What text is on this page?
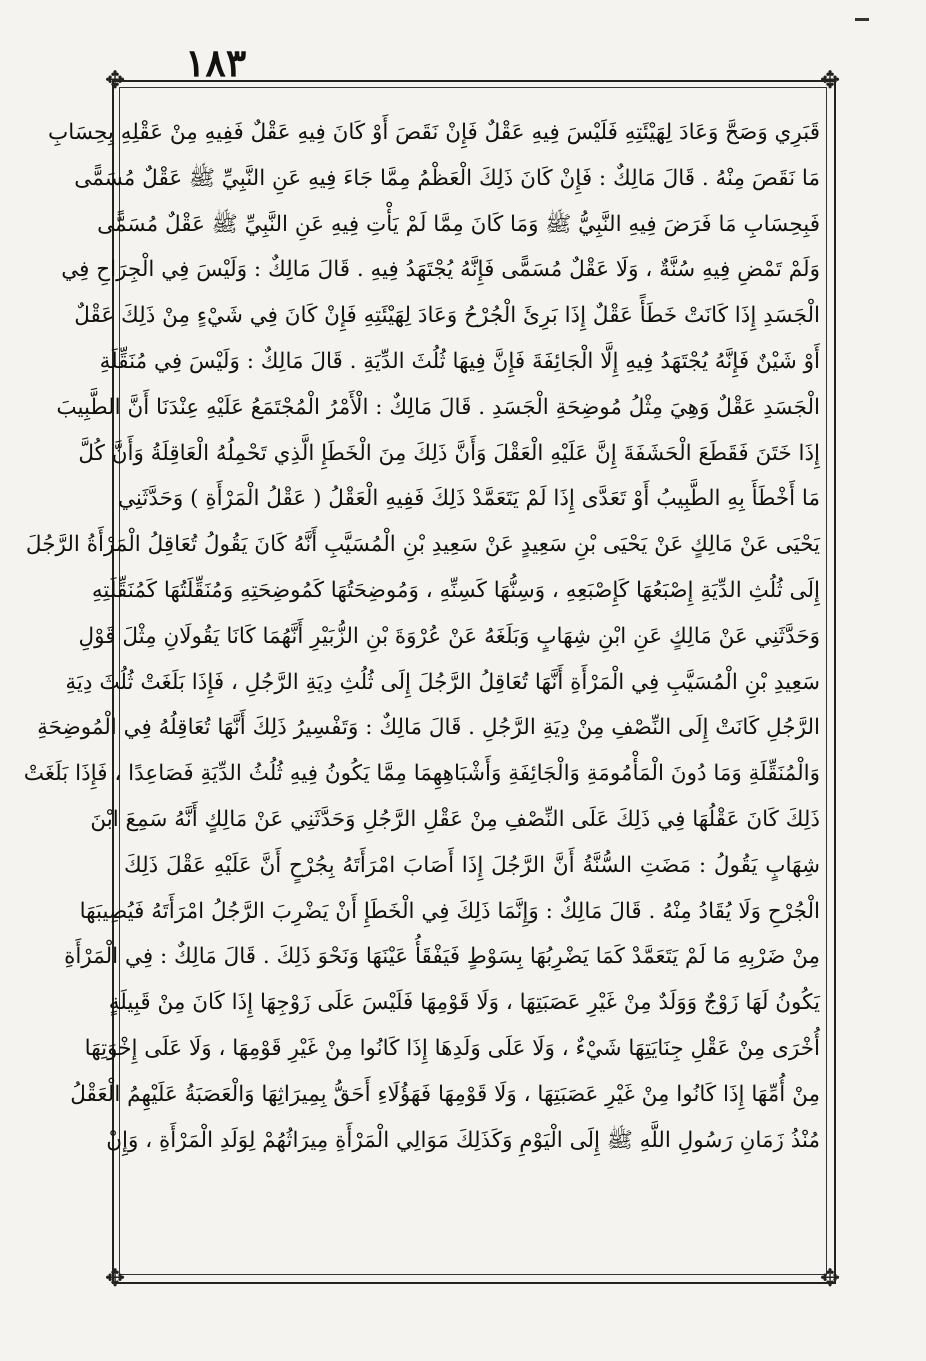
١٨٣
✥	✥
✥	✥
قَبَرِي وَصَحَّ وَعَادَ لِهَيْئَتِهِ فَلَيْسَ فِيهِ عَقْلٌ فَإِنْ نَقَصَ أَوْ كَانَ فِيهِ عَقْلٌ فَفِيهِ مِنْ عَقْلِهِ بِحِسَابِ
مَا نَقَصَ مِنْهُ . قَالَ مَالِكٌ : فَإِنْ كَانَ ذَلِكَ الْعَظْمُ مِمَّا جَاءَ فِيهِ عَنِ النَّبِيِّ ﷺ عَقْلٌ مُسَمًّى
فَبِحِسَابِ مَا فَرَضَ فِيهِ النَّبِيُّ ﷺ وَمَا كَانَ مِمَّا لَمْ يَأْتِ فِيهِ عَنِ النَّبِيِّ ﷺ عَقْلٌ مُسَمًّى
وَلَمْ تَمْضِ فِيهِ سُنَّةٌ ، وَلَا عَقْلٌ مُسَمًّى فَإِنَّهُ يُجْتَهَدُ فِيهِ . قَالَ مَالِكٌ : وَلَيْسَ فِي الْجِرَاحِ فِي
الْجَسَدِ إِذَا كَانَتْ خَطَأً عَقْلٌ إِذَا بَرِئَ الْجُرْحُ وَعَادَ لِهَيْئَتِهِ فَإِنْ كَانَ فِي شَيْءٍ مِنْ ذَلِكَ عَقْلٌ
أَوْ شَيْنٌ فَإِنَّهُ يُجْتَهَدُ فِيهِ إِلَّا الْجَائِفَةَ فَإِنَّ فِيهَا ثُلُثَ الدِّيَةِ . قَالَ مَالِكٌ : وَلَيْسَ فِي مُنَقِّلَةِ
الْجَسَدِ عَقْلٌ وَهِيَ مِثْلُ مُوضِحَةِ الْجَسَدِ . قَالَ مَالِكٌ : الْأَمْرُ الْمُجْتَمَعُ عَلَيْهِ عِنْدَنَا أَنَّ الطَّبِيبَ
إِذَا خَتَنَ فَقَطَعَ الْحَشَفَةَ إِنَّ عَلَيْهِ الْعَقْلَ وَأَنَّ ذَلِكَ مِنَ الْخَطَإِ الَّذِي تَحْمِلُهُ الْعَاقِلَةُ وَأَنَّ كُلَّ
مَا أَخْطَأَ بِهِ الطَّبِيبُ أَوْ تَعَدَّى إِذَا لَمْ يَتَعَمَّدْ ذَلِكَ فَفِيهِ الْعَقْلُ ( عَقْلُ الْمَرْأَةِ ) وَحَدَّثَنِي
يَحْيَى عَنْ مَالِكٍ عَنْ يَحْيَى بْنِ سَعِيدٍ عَنْ سَعِيدِ بْنِ الْمُسَيَّبِ أَنَّهُ كَانَ يَقُولُ تُعَاقِلُ الْمَرْأَةُ الرَّجُلَ
إِلَى ثُلُثِ الدِّيَةِ إِصْبَعُهَا كَإِصْبَعِهِ ، وَسِنُّهَا كَسِنِّهِ ، وَمُوضِحَتُهَا كَمُوضِحَتِهِ وَمُنَقِّلَتُهَا كَمُنَقِّلَتِهِ
وَحَدَّثَنِي عَنْ مَالِكٍ عَنِ ابْنِ شِهَابٍ وَبَلَغَهُ عَنْ عُرْوَةَ بْنِ الزُّبَيْرِ أَنَّهُمَا كَانَا يَقُولَانِ مِثْلَ قَوْلِ
سَعِيدِ بْنِ الْمُسَيَّبِ فِي الْمَرْأَةِ أَنَّهَا تُعَاقِلُ الرَّجُلَ إِلَى ثُلُثِ دِيَةِ الرَّجُلِ ، فَإِذَا بَلَغَتْ ثُلُثَ دِيَةِ
الرَّجُلِ كَانَتْ إِلَى النِّصْفِ مِنْ دِيَةِ الرَّجُلِ . قَالَ مَالِكٌ : وَتَفْسِيرُ ذَلِكَ أَنَّهَا تُعَاقِلُهُ فِي الْمُوضِحَةِ
وَالْمُنَقِّلَةِ وَمَا دُونَ الْمَأْمُومَةِ وَالْجَائِفَةِ وَأَشْبَاهِهِمَا مِمَّا يَكُونُ فِيهِ ثُلُثُ الدِّيَةِ فَصَاعِدًا ، فَإِذَا بَلَغَتْ
ذَلِكَ كَانَ عَقْلُهَا فِي ذَلِكَ عَلَى النِّصْفِ مِنْ عَقْلِ الرَّجُلِ وَحَدَّثَنِي عَنْ مَالِكٍ أَنَّهُ سَمِعَ ابْنَ
شِهَابٍ يَقُولُ : مَضَتِ السُّنَّةُ أَنَّ الرَّجُلَ إِذَا أَصَابَ امْرَأَتَهُ بِجُرْحٍ أَنَّ عَلَيْهِ عَقْلَ ذَلِكَ
الْجُرْحِ وَلَا يُقَادُ مِنْهُ . قَالَ مَالِكٌ : وَإِنَّمَا ذَلِكَ فِي الْخَطَإِ أَنْ يَضْرِبَ الرَّجُلُ امْرَأَتَهُ فَيُصِيبَهَا
مِنْ ضَرْبِهِ مَا لَمْ يَتَعَمَّدْ كَمَا يَضْرِبُهَا بِسَوْطٍ فَيَفْقَأُ عَيْنَهَا وَنَحْوَ ذَلِكَ . قَالَ مَالِكٌ : فِي الْمَرْأَةِ
يَكُونُ لَهَا زَوْجٌ وَوَلَدٌ مِنْ غَيْرِ عَصَبَتِهَا ، وَلَا قَوْمِهَا فَلَيْسَ عَلَى زَوْجِهَا إِذَا كَانَ مِنْ قَبِيلَةٍ
أُخْرَى مِنْ عَقْلِ جِنَايَتِهَا شَيْءٌ ، وَلَا عَلَى وَلَدِهَا إِذَا كَانُوا مِنْ غَيْرِ قَوْمِهَا ، وَلَا عَلَى إِخْوَتِهَا
مِنْ أُمِّهَا إِذَا كَانُوا مِنْ غَيْرِ عَصَبَتِهَا ، وَلَا قَوْمِهَا فَهَؤُلَاءِ أَحَقُّ بِمِيرَاثِهَا وَالْعَصَبَةُ عَلَيْهِمُ الْعَقْلُ
مُنْذُ زَمَانِ رَسُولِ اللَّهِ ﷺ إِلَى الْيَوْمِ وَكَذَلِكَ مَوَالِي الْمَرْأَةِ مِيرَاثُهُمْ لِوَلَدِ الْمَرْأَةِ ، وَإِنْ
